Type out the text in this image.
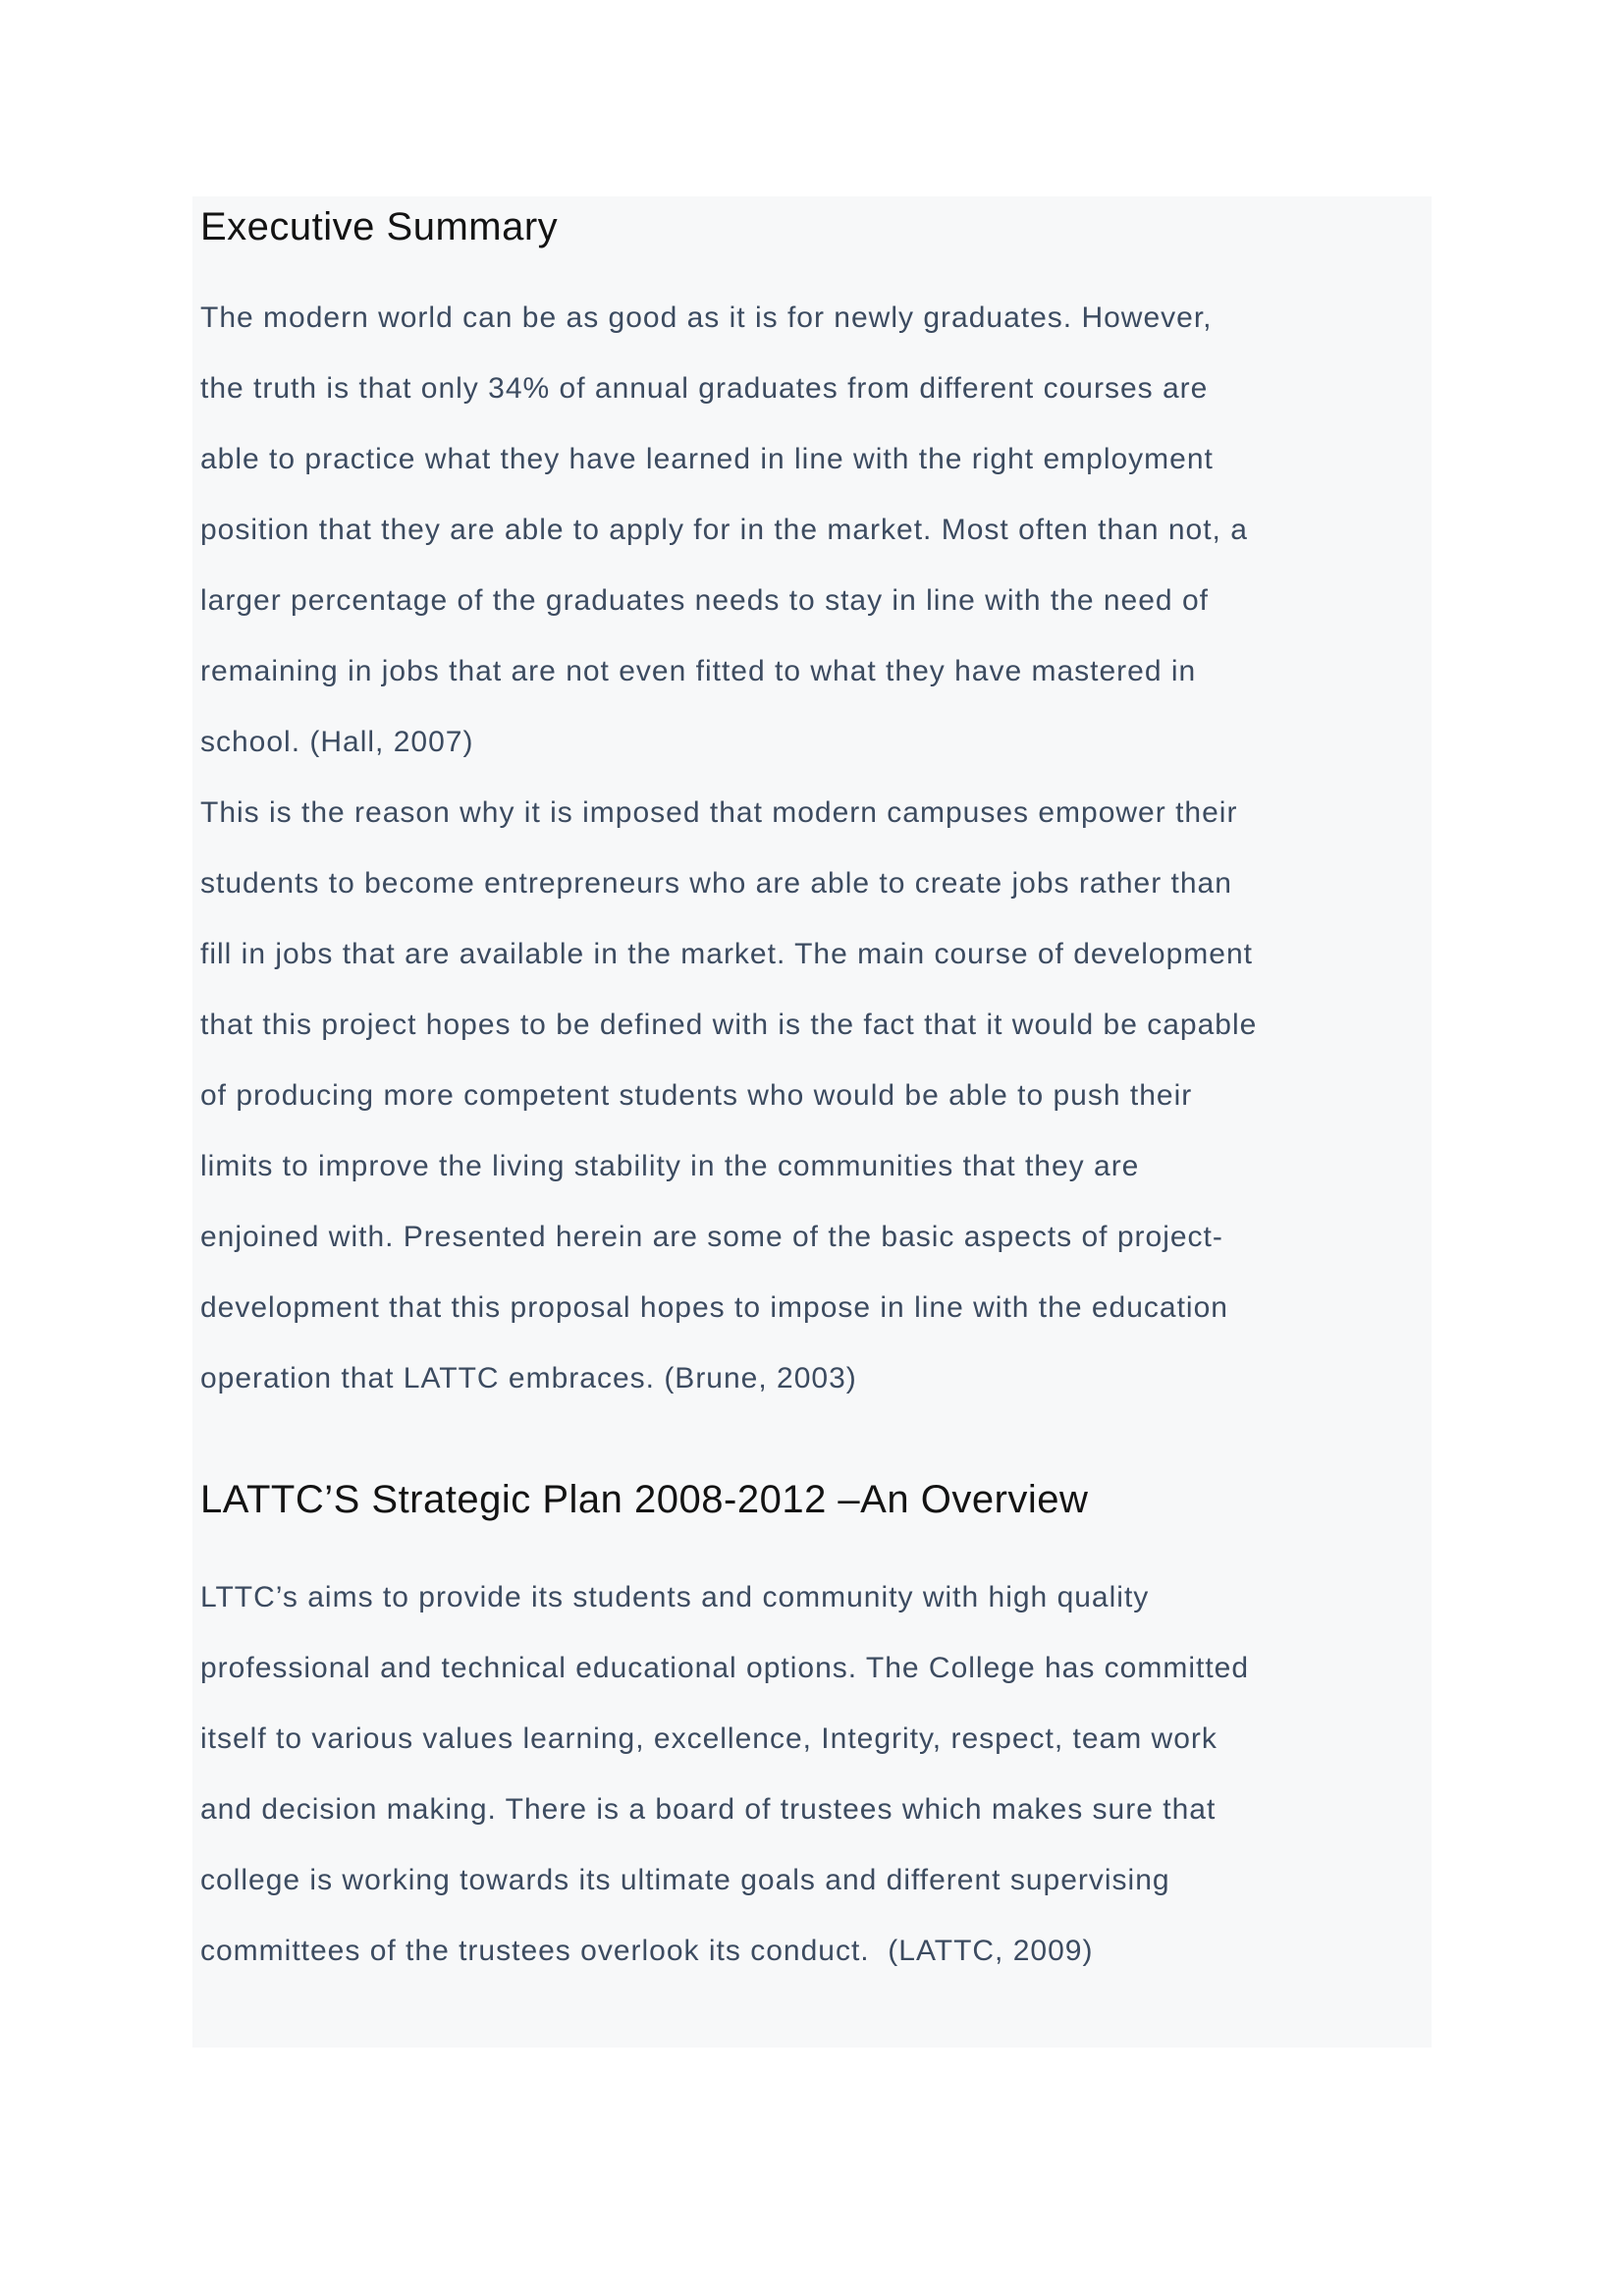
Executive Summary
The modern world can be as good as it is for newly graduates. However,
the truth is that only 34% of annual graduates from different courses are
able to practice what they have learned in line with the right employment
position that they are able to apply for in the market. Most often than not, a
larger percentage of the graduates needs to stay in line with the need of
remaining in jobs that are not even fitted to what they have mastered in
school. (Hall, 2007)
This is the reason why it is imposed that modern campuses empower their
students to become entrepreneurs who are able to create jobs rather than
fill in jobs that are available in the market. The main course of development
that this project hopes to be defined with is the fact that it would be capable
of producing more competent students who would be able to push their
limits to improve the living stability in the communities that they are
enjoined with. Presented herein are some of the basic aspects of project-
development that this proposal hopes to impose in line with the education
operation that LATTC embraces. (Brune, 2003)
LATTC’S Strategic Plan 2008-2012 –An Overview
LTTC’s aims to provide its students and community with high quality
professional and technical educational options. The College has committed
itself to various values learning, excellence, Integrity, respect, team work
and decision making. There is a board of trustees which makes sure that
college is working towards its ultimate goals and different supervising
committees of the trustees overlook its conduct.  (LATTC, 2009)
